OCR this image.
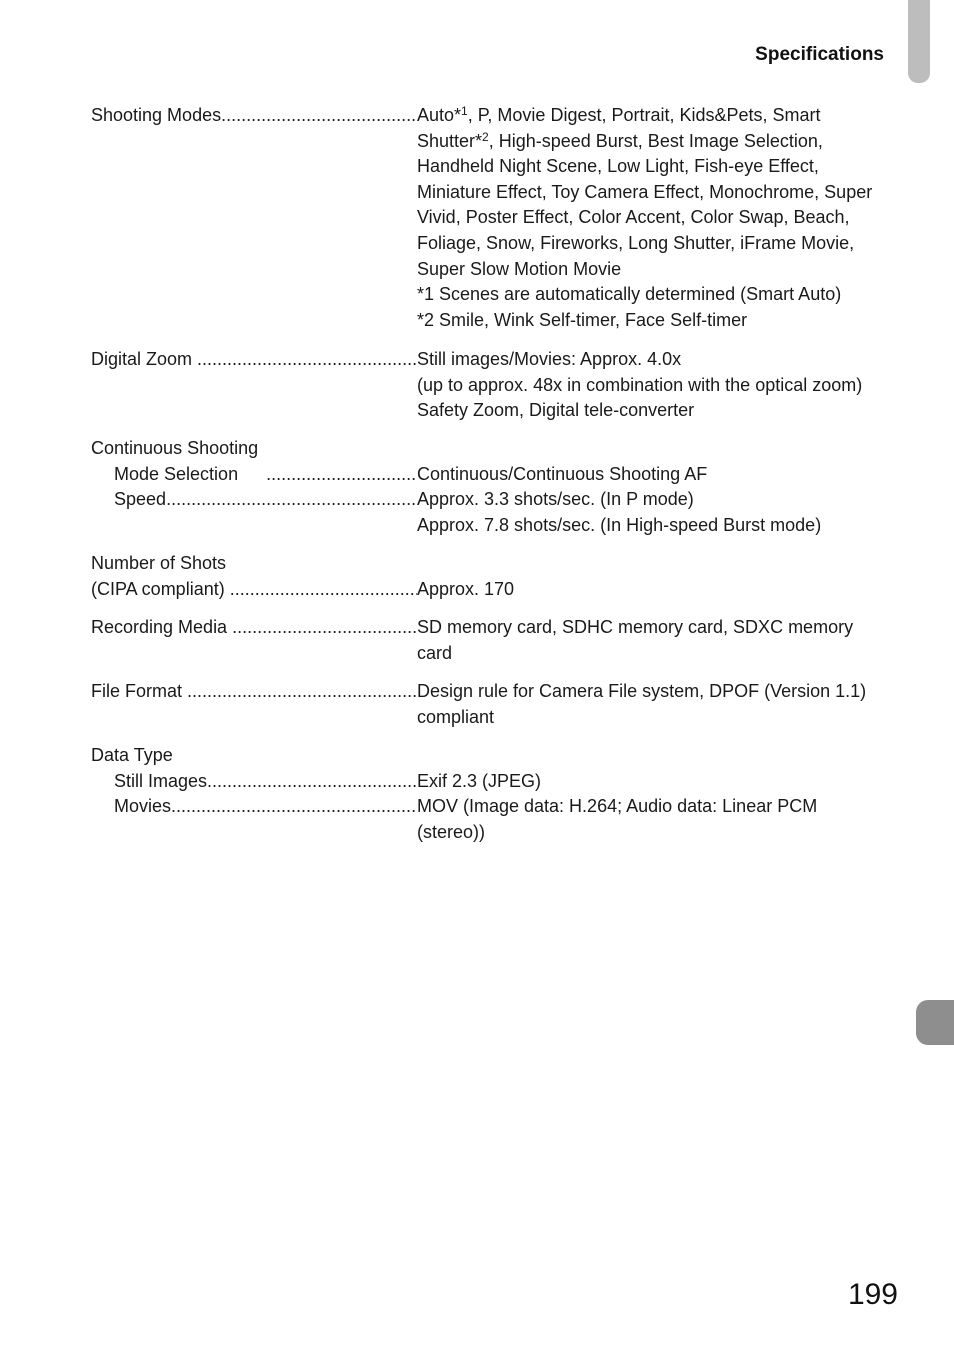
Specifications
Shooting Modes .....	Auto*$^1$, P, Movie Digest, Portrait, Kids&Pets, Smart
Shutter*$^2$, High-speed Burst, Best Image Selection,
Handheld Night Scene, Low Light, Fish-eye Effect,
Miniature Effect, Toy Camera Effect, Monochrome, Super
Vivid, Poster Effect, Color Accent, Color Swap, Beach,
Foliage, Snow, Fireworks, Long Shutter, iFrame Movie,
Super Slow Motion Movie
*1 Scenes are automatically determined (Smart Auto)
*2 Smile, Wink Self-timer, Face Self-timer
Digital Zoom  .....	Still images/Movies: Approx. 4.0x
(up to approx. 48x in combination with the optical zoom)
Safety Zoom, Digital tele-converter
Continuous Shooting
Mode Selection  .....	Continuous/Continuous Shooting AF
Speed .....	Approx. 3.3 shots/sec. (In P mode)
Approx. 7.8 shots/sec. (In High-speed Burst mode)
Number of Shots
(CIPA compliant)  .....	Approx. 170
Recording Media  .....	SD memory card, SDHC memory card, SDXC memory
card
File Format  .....	Design rule for Camera File system, DPOF (Version 1.1)
compliant
Data Type
Still Images .....	Exif 2.3 (JPEG)
Movies .....	MOV (Image data: H.264; Audio data: Linear PCM
(stereo))
199
